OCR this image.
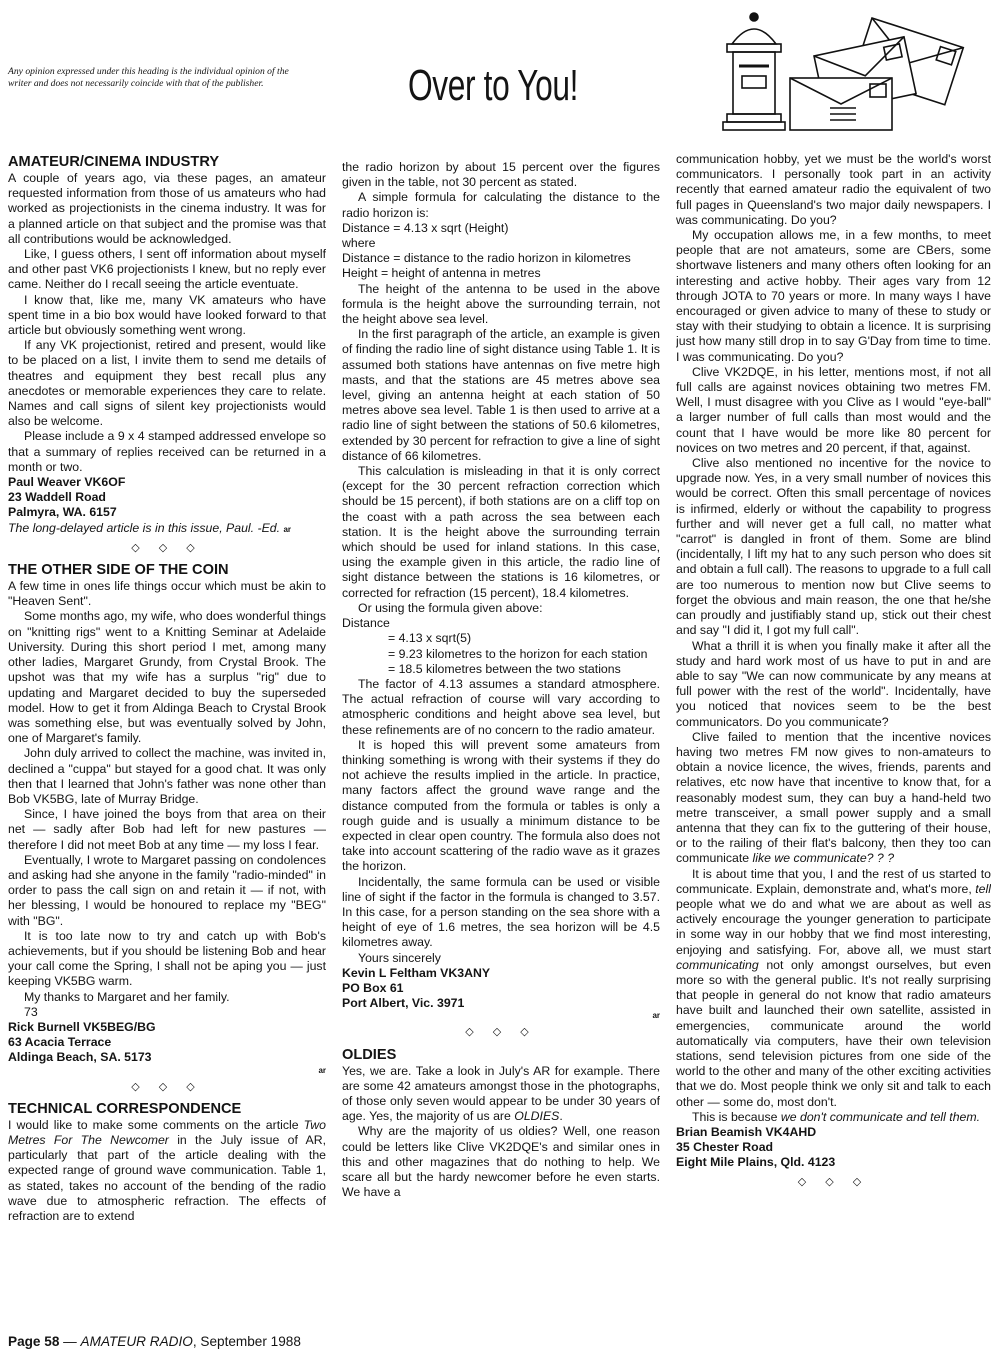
Any opinion expressed under this heading is the individual opinion of the writer and does not necessarily coincide with that of the publisher.	Over to You!
AMATEUR/CINEMA INDUSTRY

A couple of years ago, via these pages, an amateur requested information from those of us amateurs who had worked as projectionists in the cinema industry. It was for a planned article on that subject and the promise was that all contributions would be acknowledged.

Like, I guess others, I sent off information about myself and other past VK6 projectionists I knew, but no reply ever came. Neither do I recall seeing the article eventuate.

I know that, like me, many VK amateurs who have spent time in a bio box would have looked forward to that article but obviously something went wrong.

If any VK projectionist, retired and present, would like to be placed on a list, I invite them to send me details of theatres and equipment they best recall plus any anecdotes or memorable experiences they care to relate. Names and call signs of silent key projectionists would also be welcome.

Please include a 9 x 4 stamped addressed envelope so that a summary of replies received can be returned in a month or two.

Paul Weaver VK6OF
23 Waddell Road
Palmyra, WA. 6157
The long-delayed article is in this issue, Paul. -Ed. ar
◇ ◇ ◇
THE OTHER SIDE OF THE COIN

A few time in ones life things occur which must be akin to "Heaven Sent".

Some months ago, my wife, who does wonderful things on "knitting rigs" went to a Knitting Seminar at Adelaide University. During this short period I met, among many other ladies, Margaret Grundy, from Crystal Brook. The upshot was that my wife has a surplus "rig" due to updating and Margaret decided to buy the superseded model. How to get it from Aldinga Beach to Crystal Brook was something else, but was eventually solved by John, one of Margaret's family.

John duly arrived to collect the machine, was invited in, declined a "cuppa" but stayed for a good chat. It was only then that I learned that John's father was none other than Bob VK5BG, late of Murray Bridge.

Since, I have joined the boys from that area on their net — sadly after Bob had left for new pastures — therefore I did not meet Bob at any time — my loss I fear.

Eventually, I wrote to Margaret passing on condolences and asking had she anyone in the family "radio-minded" in order to pass the call sign on and retain it — if not, with her blessing, I would be honoured to replace my "BEG" with "BG".

It is too late now to try and catch up with Bob's achievements, but if you should be listening Bob and hear your call come the Spring, I shall not be aping you — just keeping VK5BG warm.

My thanks to Margaret and her family.

73
Rick Burnell VK5BEG/BG
63 Acacia Terrace
Aldinga Beach, SA. 5173
ar
◇ ◇ ◇
TECHNICAL CORRESPONDENCE

I would like to make some comments on the article Two Metres For The Newcomer in the July issue of AR, particularly that part of the article dealing with the expected range of ground wave communication. Table 1, as stated, takes no account of the bending of the radio wave due to atmospheric refraction. The effects of refraction are to extend

the radio horizon by about 15 percent over the figures given in the table, not 30 percent as stated.

A simple formula for calculating the distance to the radio horizon is:

Distance = 4.13 x sqrt (Height)

where

Distance = distance to the radio horizon in kilometres

Height = height of antenna in metres

The height of the antenna to be used in the above formula is the height above the surrounding terrain, not the height above sea level.

In the first paragraph of the article, an example is given of finding the radio line of sight distance using Table 1. It is assumed both stations have antennas on five metre high masts, and that the stations are 45 metres above sea level, giving an antenna height at each station of 50 metres above sea level. Table 1 is then used to arrive at a radio line of sight between the stations of 50.6 kilometres, extended by 30 percent for refraction to give a line of sight distance of 66 kilometres.

This calculation is misleading in that it is only correct (except for the 30 percent refraction correction which should be 15 percent), if both stations are on a cliff top on the coast with a path across the sea between each station. It is the height above the surrounding terrain which should be used for inland stations. In this case, using the example given in this article, the radio line of sight distance between the stations is 16 kilometres, or corrected for refraction (15 percent), 18.4 kilometres.

Or using the formula given above:

Distance

= 4.13 x sqrt(5)

= 9.23 kilometres to the horizon for each station

= 18.5 kilometres between the two stations

The factor of 4.13 assumes a standard atmosphere. The actual refraction of course will vary according to atmospheric conditions and height above sea level, but these refinements are of no concern to the radio amateur.

It is hoped this will prevent some amateurs from thinking something is wrong with their systems if they do not achieve the results implied in the article. In practice, many factors affect the ground wave range and the distance computed from the formula or tables is only a rough guide and is usually a minimum distance to be expected in clear open country. The formula also does not take into account scattering of the radio wave as it grazes the horizon.

Incidentally, the same formula can be used or visible line of sight if the factor in the formula is changed to 3.57. In this case, for a person standing on the sea shore with a height of eye of 1.6 metres, the sea horizon will be 4.5 kilometres away.

Yours sincerely
Kevin L Feltham VK3ANY
PO Box 61
Port Albert, Vic. 3971
ar
◇ ◇ ◇
OLDIES

Yes, we are. Take a look in July's AR for example. There are some 42 amateurs amongst those in the photographs, of those only seven would appear to be under 30 years of age. Yes, the majority of us are OLDIES.

Why are the majority of us oldies? Well, one reason could be letters like Clive VK2DQE's and similar ones in this and other magazines that do nothing to help. We scare all but the hardy newcomer before he even starts. We have a

communication hobby, yet we must be the world's worst communicators. I personally took part in an activity recently that earned amateur radio the equivalent of two full pages in Queensland's two major daily newspapers. I was communicating. Do you?

My occupation allows me, in a few months, to meet people that are not amateurs, some are CBers, some shortwave listeners and many others often looking for an interesting and active hobby. Their ages vary from 12 through JOTA to 70 years or more. In many ways I have encouraged or given advice to many of these to study or stay with their studying to obtain a licence. It is surprising just how many still drop in to say G'Day from time to time. I was communicating. Do you?

Clive VK2DQE, in his letter, mentions most, if not all full calls are against novices obtaining two metres FM. Well, I must disagree with you Clive as I would "eye-ball" a larger number of full calls than most would and the count that I have would be more like 80 percent for novices on two metres and 20 percent, if that, against.

Clive also mentioned no incentive for the novice to upgrade now. Yes, in a very small number of novices this would be correct. Often this small percentage of novices is infirmed, elderly or without the capability to progress further and will never get a full call, no matter what "carrot" is dangled in front of them. Some are blind (incidentally, I lift my hat to any such person who does sit and obtain a full call). The reasons to upgrade to a full call are too numerous to mention now but Clive seems to forget the obvious and main reason, the one that he/she can proudly and justifiably stand up, stick out their chest and say "I did it, I got my full call".

What a thrill it is when you finally make it after all the study and hard work most of us have to put in and are able to say "We can now communicate by any means at full power with the rest of the world". Incidentally, have you noticed that novices seem to be the best communicators. Do you communicate?

Clive failed to mention that the incentive novices having two metres FM now gives to non-amateurs to obtain a novice licence, the wives, friends, parents and relatives, etc now have that incentive to know that, for a reasonably modest sum, they can buy a hand-held two metre transceiver, a small power supply and a small antenna that they can fix to the guttering of their house, or to the railing of their flat's balcony, then they too can communicate like we communicate? ? ?

It is about time that you, I and the rest of us started to communicate. Explain, demonstrate and, what's more, tell people what we do and what we are about as well as actively encourage the younger generation to participate in some way in our hobby that we find most interesting, enjoying and satisfying. For, above all, we must start communicating not only amongst ourselves, but even more so with the general public. It's not really surprising that people in general do not know that radio amateurs have built and launched their own satellite, assisted in emergencies, communicate around the world automatically via computers, have their own television stations, send television pictures from one side of the world to the other and many of the other exciting activities that we do. Most people think we only sit and talk to each other — some do, most don't.

This is because we don't communicate and tell them.

Brian Beamish VK4AHD
35 Chester Road
Eight Mile Plains, Qld. 4123
◇ ◇ ◇
Page 58 — AMATEUR RADIO, September 1988
